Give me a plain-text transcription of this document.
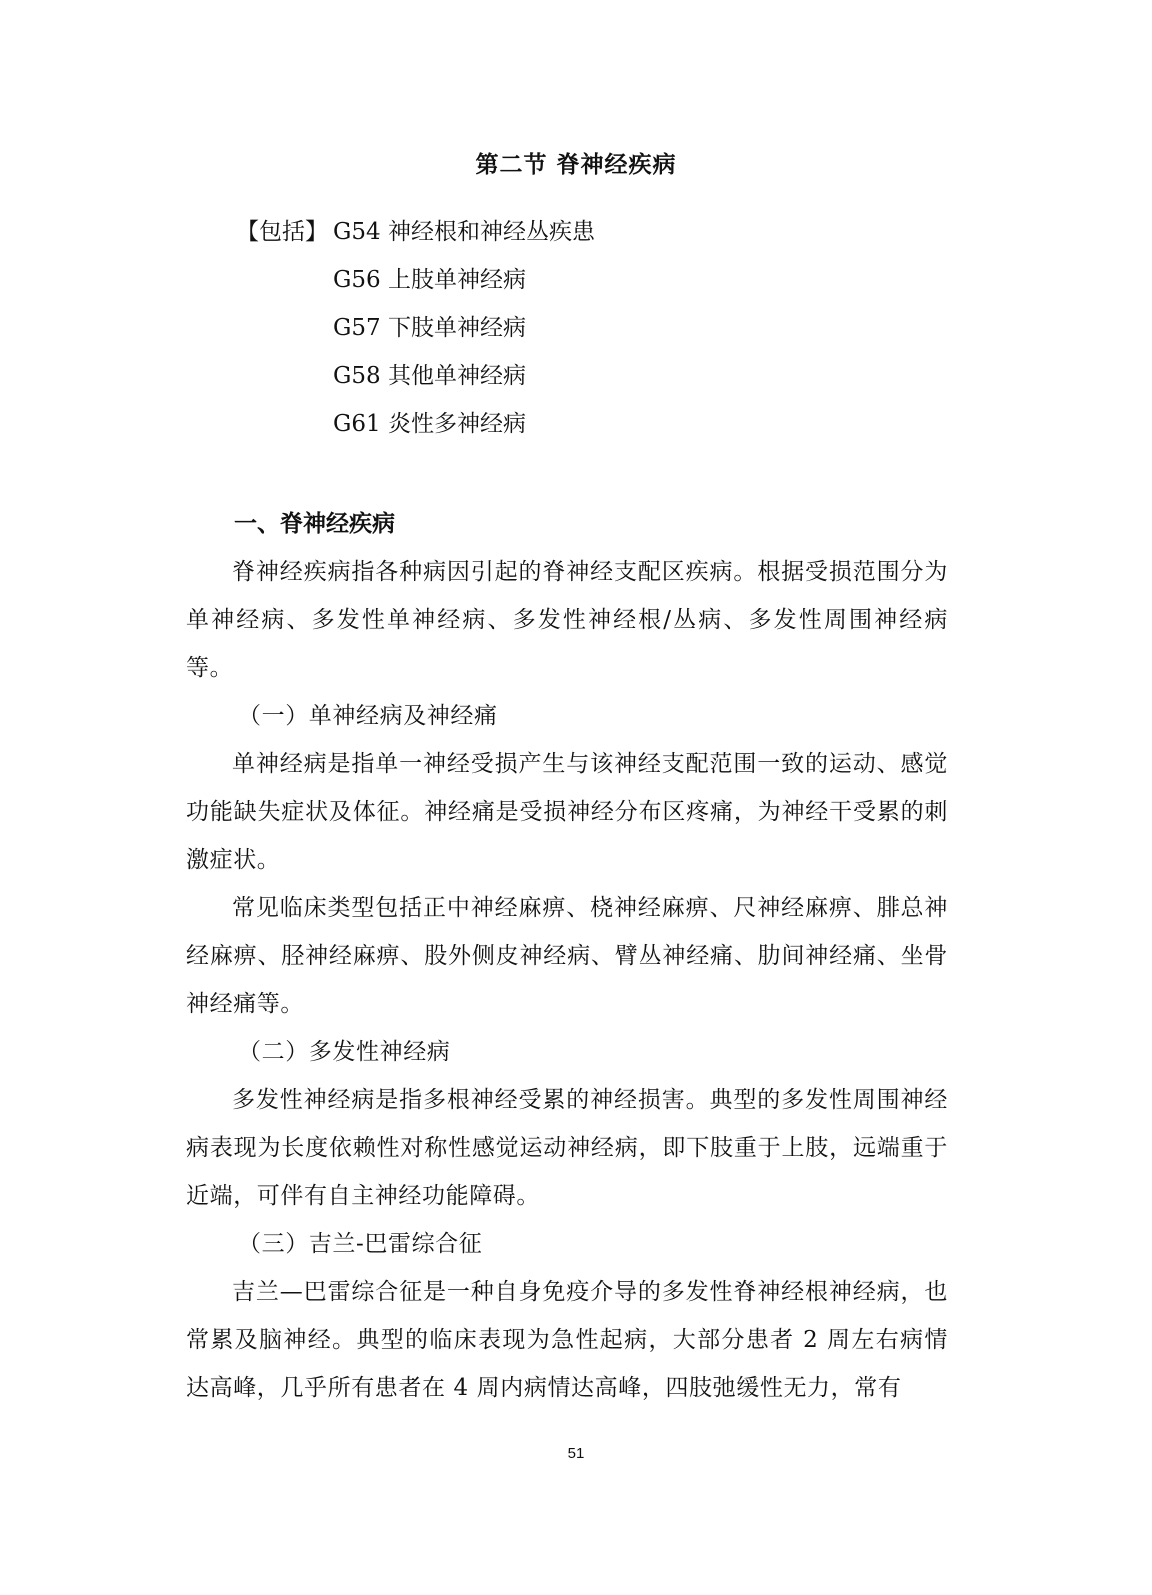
第二节 脊神经疾病
【包括】 G54 神经根和神经丛疾患
G56 上肢单神经病
G57 下肢单神经病
G58 其他单神经病
G61 炎性多神经病
一、脊神经疾病

脊神经疾病指各种病因引起的脊神经支配区疾病。根据受损范围分为单神经病、多发性单神经病、多发性神经根/丛病、多发性周围神经病等。

（一）单神经病及神经痛

单神经病是指单一神经受损产生与该神经支配范围一致的运动、感觉功能缺失症状及体征。神经痛是受损神经分布区疼痛，为神经干受累的刺激症状。

常见临床类型包括正中神经麻痹、桡神经麻痹、尺神经麻痹、腓总神经麻痹、胫神经麻痹、股外侧皮神经病、臂丛神经痛、肋间神经痛、坐骨神经痛等。

（二）多发性神经病

多发性神经病是指多根神经受累的神经损害。典型的多发性周围神经病表现为长度依赖性对称性感觉运动神经病，即下肢重于上肢，远端重于近端，可伴有自主神经功能障碍。

（三）吉兰-巴雷综合征

吉兰—巴雷综合征是一种自身免疫介导的多发性脊神经根神经病，也常累及脑神经。典型的临床表现为急性起病，大部分患者 2 周左右病情达高峰，几乎所有患者在 4 周内病情达高峰，四肢弛缓性无力，常有

51
